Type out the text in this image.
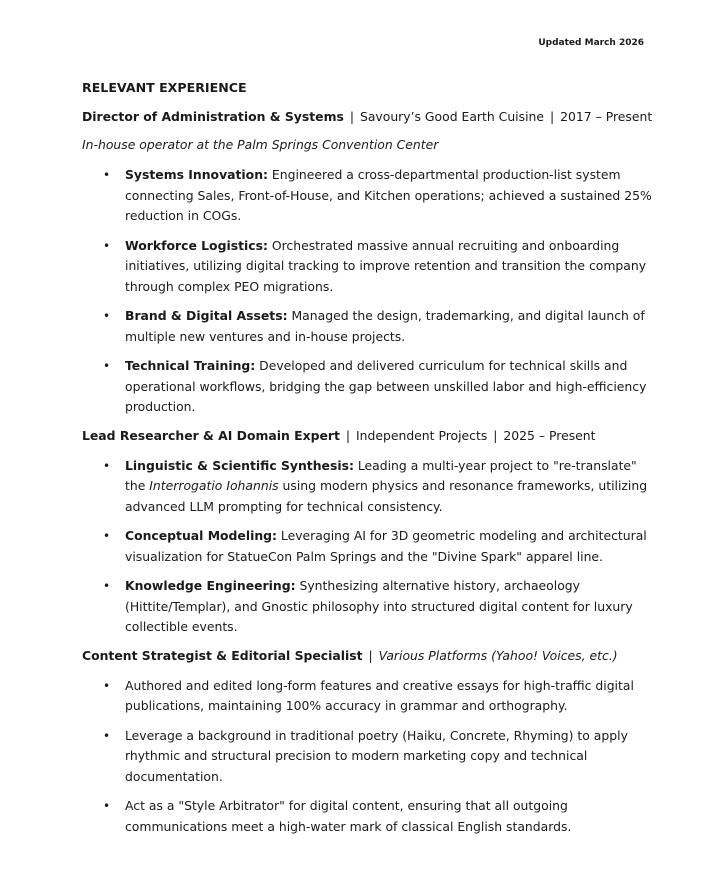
Updated March 2026
RELEVANT EXPERIENCE
Director of Administration & Systems | Savoury’s Good Earth Cuisine | 2017 – Present
In-house operator at the Palm Springs Convention Center
• Systems Innovation: Engineered a cross-departmental production-list system connecting Sales, Front-of-House, and Kitchen operations; achieved a sustained 25% reduction in COGs.
• Workforce Logistics: Orchestrated massive annual recruiting and onboarding initiatives, utilizing digital tracking to improve retention and transition the company through complex PEO migrations.
• Brand & Digital Assets: Managed the design, trademarking, and digital launch of multiple new ventures and in-house projects.
• Technical Training: Developed and delivered curriculum for technical skills and operational workflows, bridging the gap between unskilled labor and high-efficiency production.
Lead Researcher & AI Domain Expert | Independent Projects | 2025 – Present
• Linguistic & Scientific Synthesis: Leading a multi-year project to "re-translate" the Interrogatio Iohannis using modern physics and resonance frameworks, utilizing advanced LLM prompting for technical consistency.
• Conceptual Modeling: Leveraging AI for 3D geometric modeling and architectural visualization for StatueCon Palm Springs and the "Divine Spark" apparel line.
• Knowledge Engineering: Synthesizing alternative history, archaeology (Hittite/Templar), and Gnostic philosophy into structured digital content for luxury collectible events.
Content Strategist & Editorial Specialist | Various Platforms (Yahoo! Voices, etc.)
• Authored and edited long-form features and creative essays for high-traffic digital publications, maintaining 100% accuracy in grammar and orthography.
• Leverage a background in traditional poetry (Haiku, Concrete, Rhyming) to apply rhythmic and structural precision to modern marketing copy and technical documentation.
• Act as a "Style Arbitrator" for digital content, ensuring that all outgoing communications meet a high-water mark of classical English standards.
